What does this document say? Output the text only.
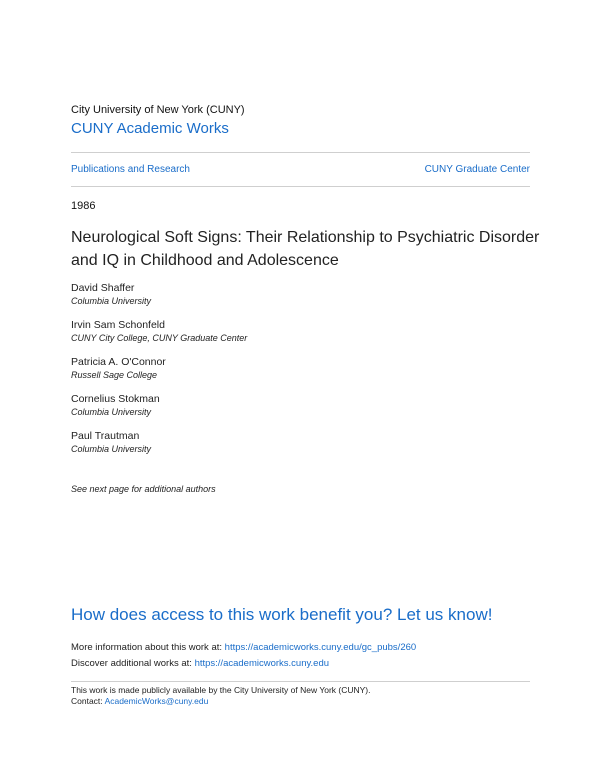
City University of New York (CUNY)
CUNY Academic Works
Publications and Research	CUNY Graduate Center
1986
Neurological Soft Signs: Their Relationship to Psychiatric Disorder and IQ in Childhood and Adolescence
David Shaffer
Columbia University
Irvin Sam Schonfeld
CUNY City College, CUNY Graduate Center
Patricia A. O'Connor
Russell Sage College
Cornelius Stokman
Columbia University
Paul Trautman
Columbia University
See next page for additional authors
How does access to this work benefit you? Let us know!
More information about this work at: https://academicworks.cuny.edu/gc_pubs/260
Discover additional works at: https://academicworks.cuny.edu
This work is made publicly available by the City University of New York (CUNY).
Contact: AcademicWorks@cuny.edu
